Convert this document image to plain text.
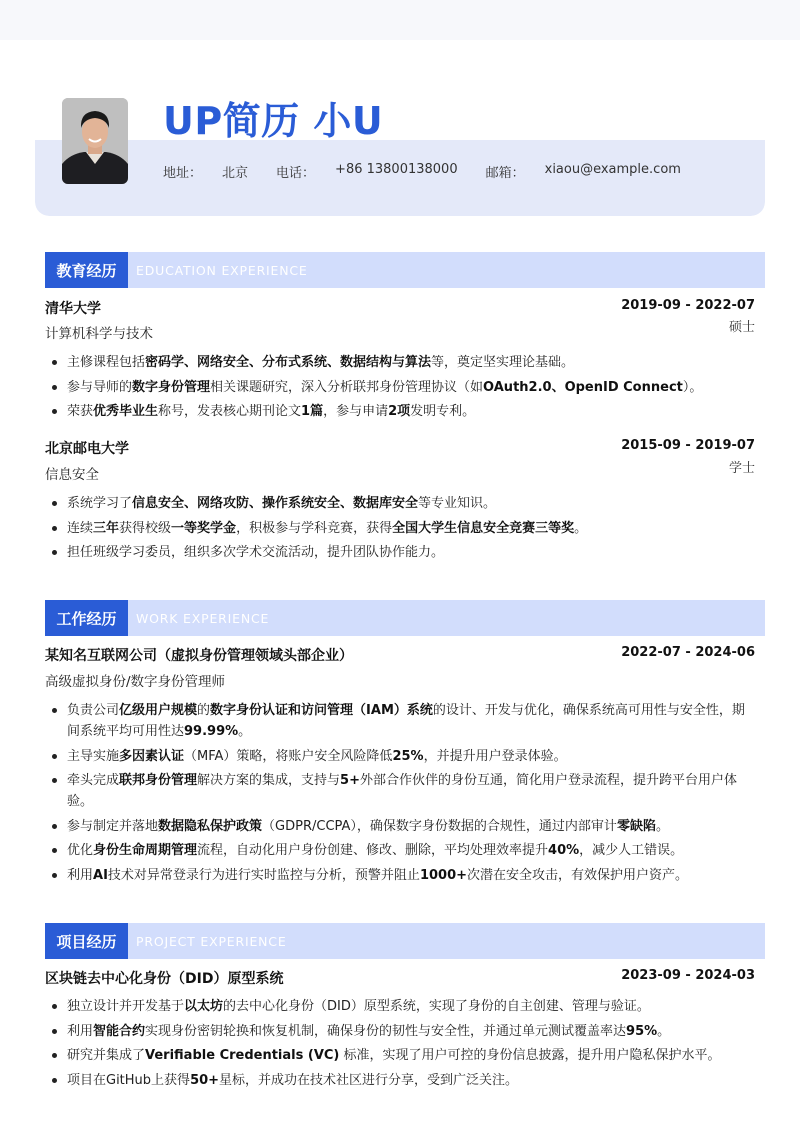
UP简历 小U
地址： 北京 电话： +86 13800138000 邮箱： xiaou@example.com
教育经历	EDUCATION EXPERIENCE
清华大学	2019-09 - 2022-07
计算机科学与技术	硕士
主修课程包括密码学、网络安全、分布式系统、数据结构与算法等，奠定坚实理论基础。
参与导师的数字身份管理相关课题研究，深入分析联邦身份管理协议（如OAuth2.0、OpenID Connect）。
荣获优秀毕业生称号，发表核心期刊论文1篇，参与申请2项发明专利。
北京邮电大学	2015-09 - 2019-07
信息安全	学士
系统学习了信息安全、网络攻防、操作系统安全、数据库安全等专业知识。
连续三年获得校级一等奖学金，积极参与学科竞赛，获得全国大学生信息安全竞赛三等奖。
担任班级学习委员，组织多次学术交流活动，提升团队协作能力。
工作经历	WORK EXPERIENCE
某知名互联网公司（虚拟身份管理领域头部企业）	2022-07 - 2024-06
高级虚拟身份/数字身份管理师
负责公司亿级用户规模的数字身份认证和访问管理（IAM）系统的设计、开发与优化，确保系统高可用性与安全性，期间系统平均可用性达99.99%。
主导实施多因素认证（MFA）策略，将账户安全风险降低25%，并提升用户登录体验。
牵头完成联邦身份管理解决方案的集成，支持与5+外部合作伙伴的身份互通，简化用户登录流程，提升跨平台用户体验。
参与制定并落地数据隐私保护政策（GDPR/CCPA），确保数字身份数据的合规性，通过内部审计零缺陷。
优化身份生命周期管理流程，自动化用户身份创建、修改、删除，平均处理效率提升40%，减少人工错误。
利用AI技术对异常登录行为进行实时监控与分析，预警并阻止1000+次潜在安全攻击，有效保护用户资产。
项目经历	PROJECT EXPERIENCE
区块链去中心化身份（DID）原型系统	2023-09 - 2024-03
独立设计并开发基于以太坊的去中心化身份（DID）原型系统，实现了身份的自主创建、管理与验证。
利用智能合约实现身份密钥轮换和恢复机制，确保身份的韧性与安全性，并通过单元测试覆盖率达95%。
研究并集成了Verifiable Credentials (VC) 标准，实现了用户可控的身份信息披露，提升用户隐私保护水平。
项目在GitHub上获得50+星标，并成功在技术社区进行分享，受到广泛关注。
